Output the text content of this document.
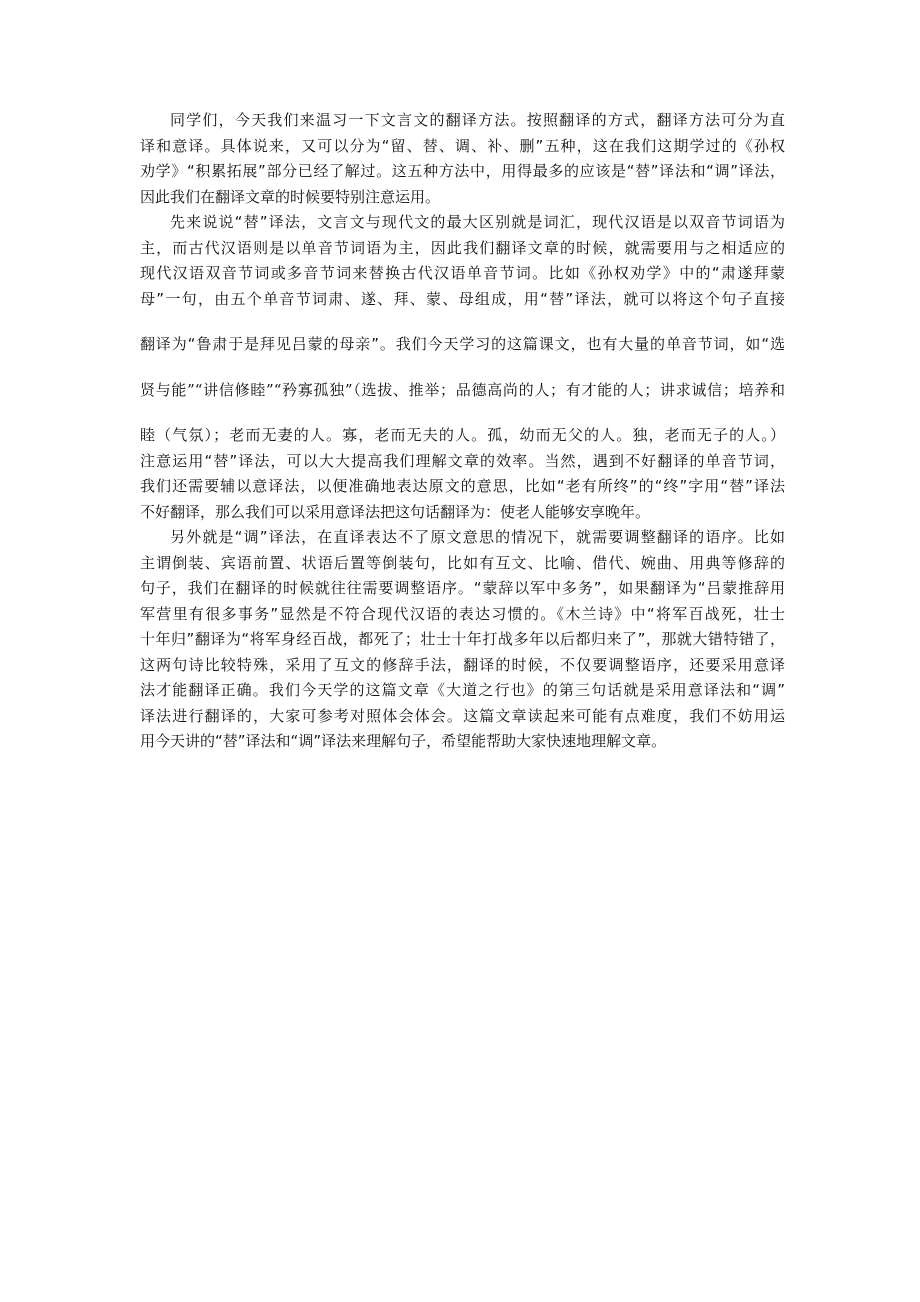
同学们，今天我们来温习一下文言文的翻译方法。按照翻译的方式，翻译方法可分为直
译和意译。具体说来，又可以分为“留、替、调、补、删”五种，这在我们这期学过的《孙权
劝学》“积累拓展”部分已经了解过。这五种方法中，用得最多的应该是“替”译法和“调”译法，
因此我们在翻译文章的时候要特别注意运用。
先来说说“替”译法，文言文与现代文的最大区别就是词汇，现代汉语是以双音节词语为
主，而古代汉语则是以单音节词语为主，因此我们翻译文章的时候，就需要用与之相适应的
现代汉语双音节词或多音节词来替换古代汉语单音节词。比如《孙权劝学》中的“肃遂拜蒙
母”一句，由五个单音节词肃、遂、拜、蒙、母组成，用“替”译法，就可以将这个句子直接
翻译为“鲁肃于是拜见吕蒙的母亲”。我们今天学习的这篇课文，也有大量的单音节词，如“选
贤与能”“讲信修睦”“矜寡孤独”（选拔、推举；品德高尚的人；有才能的人；讲求诚信；培养和
睦（气氛）；老而无妻的人。寡，老而无夫的人。孤，幼而无父的人。独，老而无子的人。）
注意运用“替”译法，可以大大提高我们理解文章的效率。当然，遇到不好翻译的单音节词，
我们还需要辅以意译法，以便准确地表达原文的意思，比如“老有所终”的“终”字用“替”译法
不好翻译，那么我们可以采用意译法把这句话翻译为：使老人能够安享晚年。
另外就是“调”译法，在直译表达不了原文意思的情况下，就需要调整翻译的语序。比如
主谓倒装、宾语前置、状语后置等倒装句，比如有互文、比喻、借代、婉曲、用典等修辞的
句子，我们在翻译的时候就往往需要调整语序。“蒙辞以军中多务”，如果翻译为“吕蒙推辞用
军营里有很多事务”显然是不符合现代汉语的表达习惯的。《木兰诗》中“将军百战死，壮士
十年归”翻译为“将军身经百战，都死了；壮士十年打战多年以后都归来了”，那就大错特错了，
这两句诗比较特殊，采用了互文的修辞手法，翻译的时候，不仅要调整语序，还要采用意译
法才能翻译正确。我们今天学的这篇文章《大道之行也》的第三句话就是采用意译法和“调”
译法进行翻译的，大家可参考对照体会体会。这篇文章读起来可能有点难度，我们不妨用运
用今天讲的“替”译法和“调”译法来理解句子，希望能帮助大家快速地理解文章。
